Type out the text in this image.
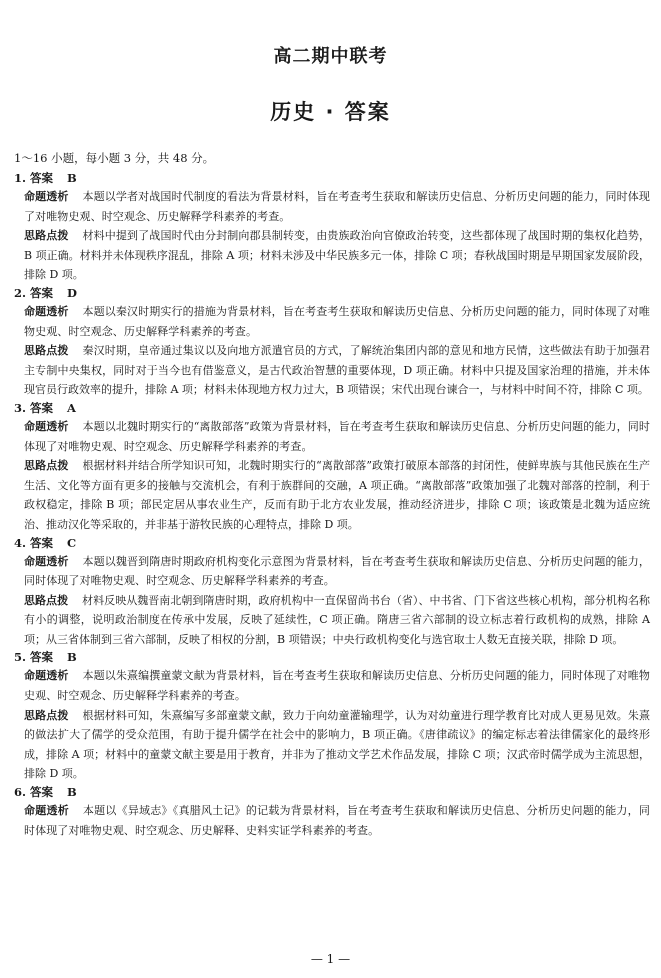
高二期中联考
历史 · 答案
1～16 小题，每小题 3 分，共 48 分。
1. 答案 B
命题透析 本题以学者对战国时代制度的看法为背景材料，旨在考查考生获取和解读历史信息、分析历史问题的能力，同时体现了对唯物史观、时空观念、历史解释学科素养的考查。
思路点拨 材料中提到了战国时代由分封制向郡县制转变，由贵族政治向官僚政治转变，这些都体现了战国时期的集权化趋势，B 项正确。材料并未体现秩序混乱，排除 A 项；材料未涉及中华民族多元一体，排除 C 项；春秋战国时期是早期国家发展阶段，排除 D 项。
2. 答案 D
命题透析 本题以秦汉时期实行的措施为背景材料，旨在考查考生获取和解读历史信息、分析历史问题的能力，同时体现了对唯物史观、时空观念、历史解释学科素养的考查。
思路点拨 秦汉时期，皇帝通过集议以及向地方派遣官员的方式，了解统治集团内部的意见和地方民情，这些做法有助于加强君主专制中央集权，同时对于当今也有借鉴意义，是古代政治智慧的重要体现，D 项正确。材料中只提及国家治理的措施，并未体现官员行政效率的提升，排除 A 项；材料未体现地方权力过大，B 项错误；宋代出现台谏合一，与材料中时间不符，排除 C 项。
3. 答案 A
命题透析 本题以北魏时期实行的“离散部落”政策为背景材料，旨在考查考生获取和解读历史信息、分析历史问题的能力，同时体现了对唯物史观、时空观念、历史解释学科素养的考查。
思路点拨 根据材料并结合所学知识可知，北魏时期实行的“离散部落”政策打破原本部落的封闭性，使鲜卑族与其他民族在生产生活、文化等方面有更多的接触与交流机会，有利于族群间的交融，A 项正确。“离散部落”政策加强了北魏对部落的控制，利于政权稳定，排除 B 项；部民定居从事农业生产，反而有助于北方农业发展，推动经济进步，排除 C 项；该政策是北魏为适应统治、推动汉化等采取的，并非基于游牧民族的心理特点，排除 D 项。
4. 答案 C
命题透析 本题以魏晋到隋唐时期政府机构变化示意图为背景材料，旨在考查考生获取和解读历史信息、分析历史问题的能力，同时体现了对唯物史观、时空观念、历史解释学科素养的考查。
思路点拨 材料反映从魏晋南北朝到隋唐时期，政府机构中一直保留尚书台（省）、中书省、门下省这些核心机构，部分机构名称有小的调整，说明政治制度在传承中发展，反映了延续性，C 项正确。隋唐三省六部制的设立标志着行政机构的成熟，排除 A 项；从三省体制到三省六部制，反映了相权的分割，B 项错误；中央行政机构变化与选官取士人数无直接关联，排除 D 项。
5. 答案 B
命题透析 本题以朱熹编撰童蒙文献为背景材料，旨在考查考生获取和解读历史信息、分析历史问题的能力，同时体现了对唯物史观、时空观念、历史解释学科素养的考查。
思路点拨 根据材料可知，朱熹编写多部童蒙文献，致力于向幼童灌输理学，认为对幼童进行理学教育比对成人更易见效。朱熹的做法扩大了儒学的受众范围，有助于提升儒学在社会中的影响力，B 项正确。《唐律疏议》的编定标志着法律儒家化的最终形成，排除 A 项；材料中的童蒙文献主要是用于教育，并非为了推动文学艺术作品发展，排除 C 项；汉武帝时儒学成为主流思想，排除 D 项。
6. 答案 B
命题透析 本题以《异域志》《真腊风土记》的记载为背景材料，旨在考查考生获取和解读历史信息、分析历史问题的能力，同时体现了对唯物史观、时空观念、历史解释、史料实证学科素养的考查。
— 1 —
